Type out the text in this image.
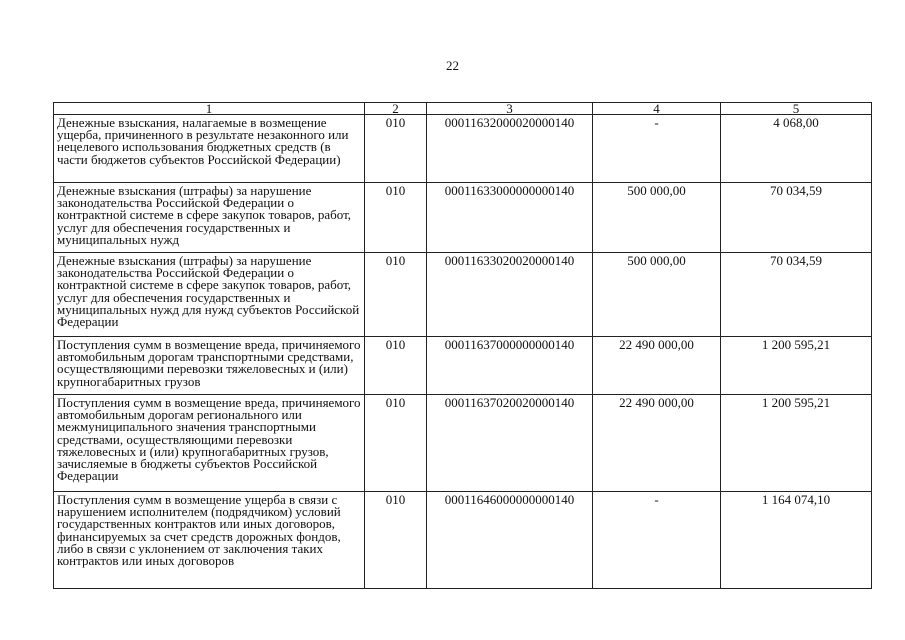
22
1	2	3	4	5
Денежные взыскания, налагаемые в возмещение ущерба, причиненного в результате незаконного или нецелевого использования бюджетных средств (в части бюджетов субъектов Российской Федерации)	010	00011632000020000140	-	4 068,00
Денежные взыскания (штрафы) за нарушение законодательства Российской Федерации о контрактной системе в сфере закупок товаров, работ, услуг для обеспечения государственных и муниципальных нужд	010	00011633000000000140	500 000,00	70 034,59
Денежные взыскания (штрафы) за нарушение законодательства Российской Федерации о контрактной системе в сфере закупок товаров, работ, услуг для обеспечения государственных и муниципальных нужд для нужд субъектов Российской Федерации	010	00011633020020000140	500 000,00	70 034,59
Поступления сумм в возмещение вреда, причиняемого автомобильным дорогам транспортными средствами, осуществляющими перевозки тяжеловесных и (или) крупногабаритных грузов	010	00011637000000000140	22 490 000,00	1 200 595,21
Поступления сумм в возмещение вреда, причиняемого автомобильным дорогам регионального или межмуниципального значения транспортными средствами, осуществляющими перевозки тяжеловесных и (или) крупногабаритных грузов, зачисляемые в бюджеты субъектов Российской Федерации	010	00011637020020000140	22 490 000,00	1 200 595,21
Поступления сумм в возмещение ущерба в связи с нарушением исполнителем (подрядчиком) условий государственных контрактов или иных договоров, финансируемых за счет средств дорожных фондов, либо в связи с уклонением от заключения таких контрактов или иных договоров	010	00011646000000000140	-	1 164 074,10
